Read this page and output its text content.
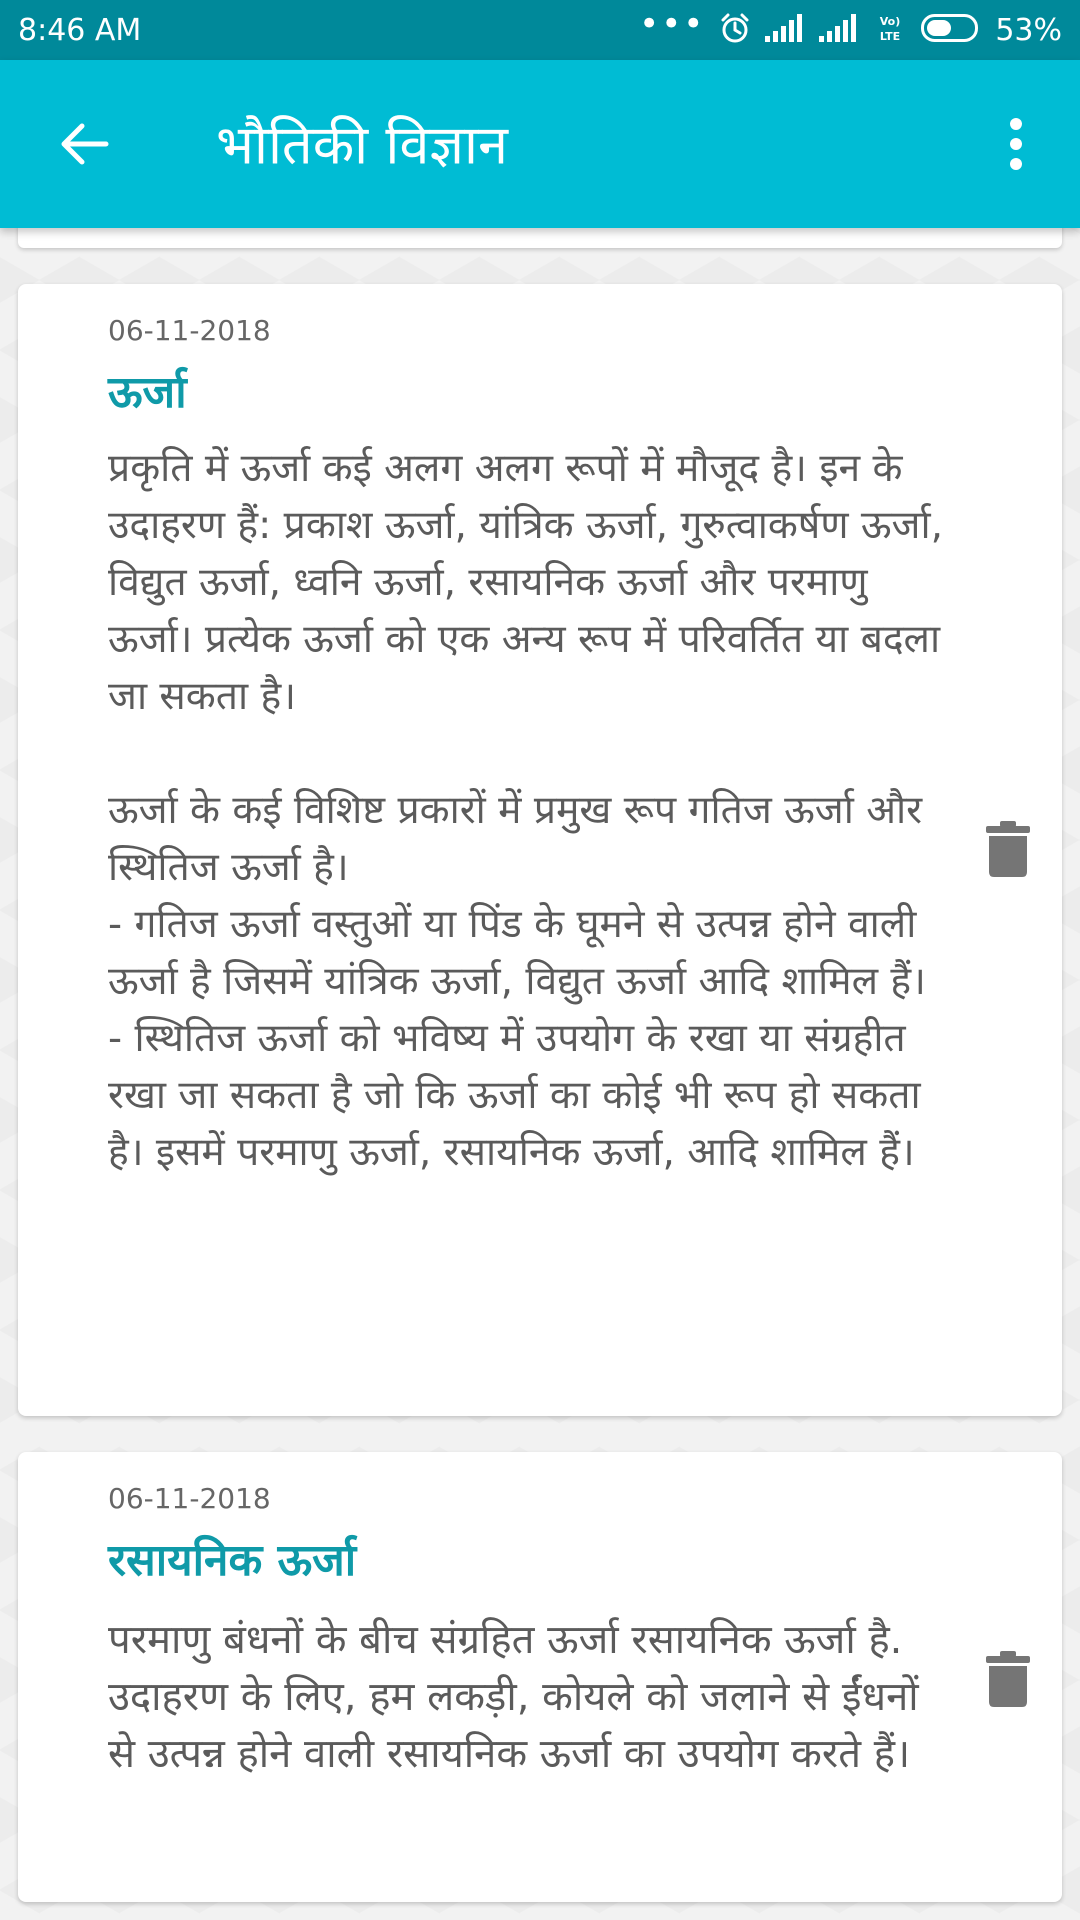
8:46 AM	•••	Vo)
LTE	53%
भौतिकी विज्ञान
06-11-2018
ऊर्जा
प्रकृति में ऊर्जा कई अलग अलग रूपों में मौजूद है। इन के उदाहरण हैं: प्रकाश ऊर्जा, यांत्रिक ऊर्जा, गुरुत्वाकर्षण ऊर्जा, विद्युत ऊर्जा, ध्वनि ऊर्जा, रसायनिक ऊर्जा और परमाणु ऊर्जा। प्रत्येक ऊर्जा को एक अन्य रूप में परिवर्तित या बदला जा सकता है।

ऊर्जा के कई विशिष्ट प्रकारों में प्रमुख रूप गतिज ऊर्जा और स्थितिज ऊर्जा है।
- गतिज ऊर्जा वस्तुओं या पिंड के घूमने से उत्पन्न होने वाली ऊर्जा है जिसमें यांत्रिक ऊर्जा, विद्युत ऊर्जा आदि शामिल हैं।
- स्थितिज ऊर्जा को भविष्य में उपयोग के रखा या संग्रहीत रखा जा सकता है जो कि ऊर्जा का कोई भी रूप हो सकता है। इसमें परमाणु ऊर्जा, रसायनिक ऊर्जा, आदि शामिल हैं।
06-11-2018
रसायनिक ऊर्जा
परमाणु बंधनों के बीच संग्रहित ऊर्जा रसायनिक ऊर्जा है. उदाहरण के लिए, हम लकड़ी, कोयले को जलाने से ईंधनों से उत्पन्न होने वाली रसायनिक ऊर्जा का उपयोग करते हैं।
